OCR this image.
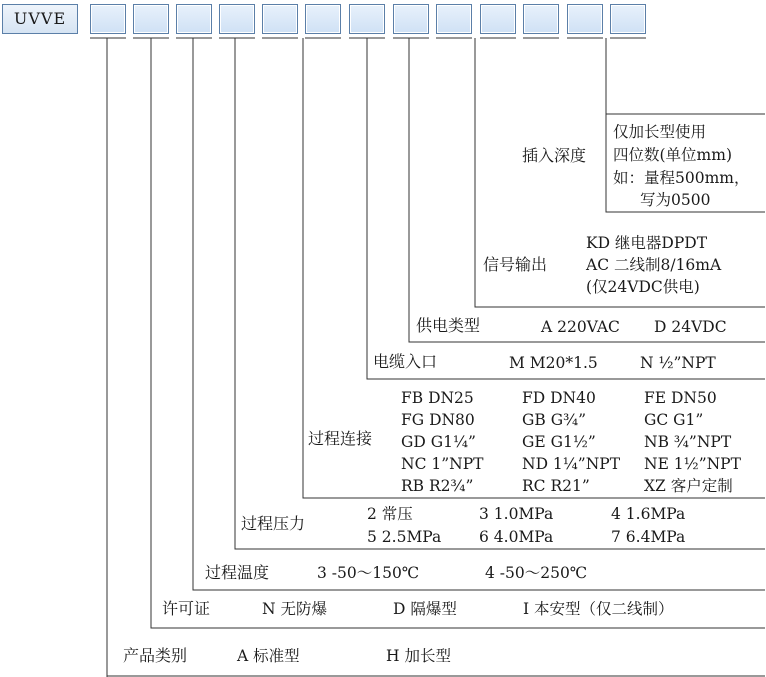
UVVE
插入深度
仅加长型使用
四位数(单位mm)
如：量程500mm，
写为0500
信号输出
KD 继电器DPDT
AC 二线制8/16mA
(仅24VDC供电)
供电类型	A 220VAC D 24VDC
电缆入口	M M20*1.5	N ½”NPT
过程连接
FB DN25	FD DN40	FE DN50
FG DN80	GB G¾”	GC G1”
GD G1¼”	GE G1½”	NB ¾”NPT
NC 1”NPT ND 1¼”NPT NE 1½”NPT
RB R2¾”	RC R21”	XZ 客户定制
过程压力	2 常压	3 1.0MPa	4 1.6MPa
5 2.5MPa 6 4.0MPa	7 6.4MPa
过程温度	3 -50～150℃	4 -50～250℃
许可证	N 无防爆	D 隔爆型	I 本安型（仅二线制）
产品类别	A 标准型	H 加长型
